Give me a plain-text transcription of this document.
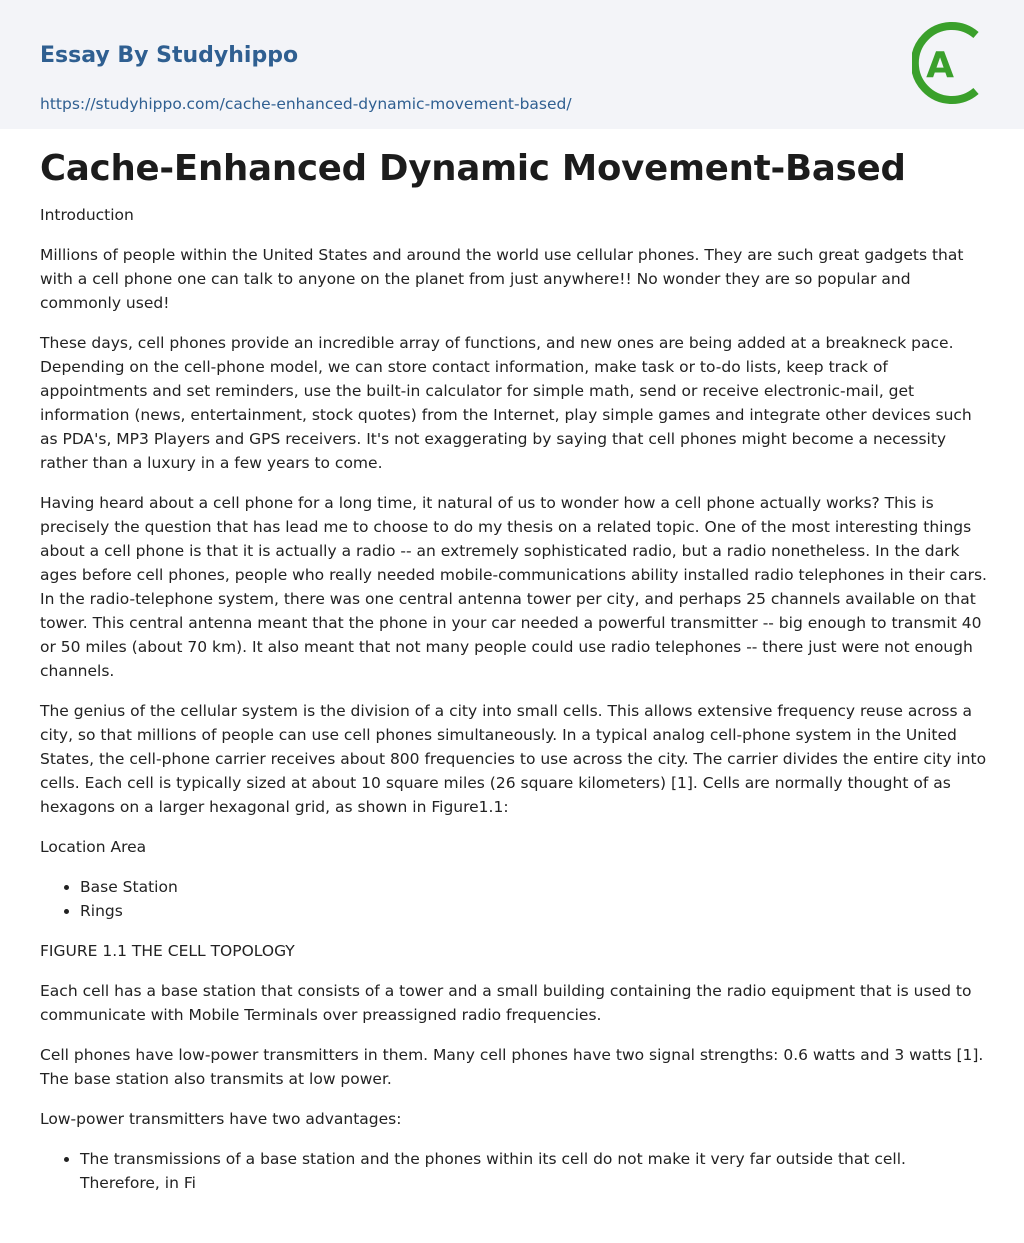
Essay By Studyhippo
https://studyhippo.com/cache-enhanced-dynamic-movement-based/
A
Cache-Enhanced Dynamic Movement-Based

Introduction

Millions of people within the United States and around the world use cellular phones. They are such great gadgets that with a cell phone one can talk to anyone on the planet from just anywhere!! No wonder they are so popular and commonly used!

These days, cell phones provide an incredible array of functions, and new ones are being added at a breakneck pace. Depending on the cell-phone model, we can store contact information, make task or to-do lists, keep track of appointments and set reminders, use the built-in calculator for simple math, send or receive electronic-mail, get information (news, entertainment, stock quotes) from the Internet, play simple games and integrate other devices such as PDA's, MP3 Players and GPS receivers. It's not exaggerating by saying that cell phones might become a necessity rather than a luxury in a few years to come.

Having heard about a cell phone for a long time, it natural of us to wonder how a cell phone actually works? This is precisely the question that has lead me to choose to do my thesis on a related topic. One of the most interesting things about a cell phone is that it is actually a radio -- an extremely sophisticated radio, but a radio nonetheless. In the dark ages before cell phones, people who really needed mobile-communications ability installed radio telephones in their cars. In the radio-telephone system, there was one central antenna tower per city, and perhaps 25 channels available on that tower. This central antenna meant that the phone in your car needed a powerful transmitter -- big enough to transmit 40 or 50 miles (about 70 km). It also meant that not many people could use radio telephones -- there just were not enough channels.

The genius of the cellular system is the division of a city into small cells. This allows extensive frequency reuse across a city, so that millions of people can use cell phones simultaneously. In a typical analog cell-phone system in the United States, the cell-phone carrier receives about 800 frequencies to use across the city. The carrier divides the entire city into cells. Each cell is typically sized at about 10 square miles (26 square kilometers) [1]. Cells are normally thought of as hexagons on a larger hexagonal grid, as shown in Figure1.1:

Location Area

• Base Station
• Rings

FIGURE 1.1 THE CELL TOPOLOGY

Each cell has a base station that consists of a tower and a small building containing the radio equipment that is used to communicate with Mobile Terminals over preassigned radio frequencies.

Cell phones have low-power transmitters in them. Many cell phones have two signal strengths: 0.6 watts and 3 watts [1]. The base station also transmits at low power.

Low-power transmitters have two advantages:

• The transmissions of a base station and the phones within its cell do not make it very far outside that cell. Therefore, in Fi
